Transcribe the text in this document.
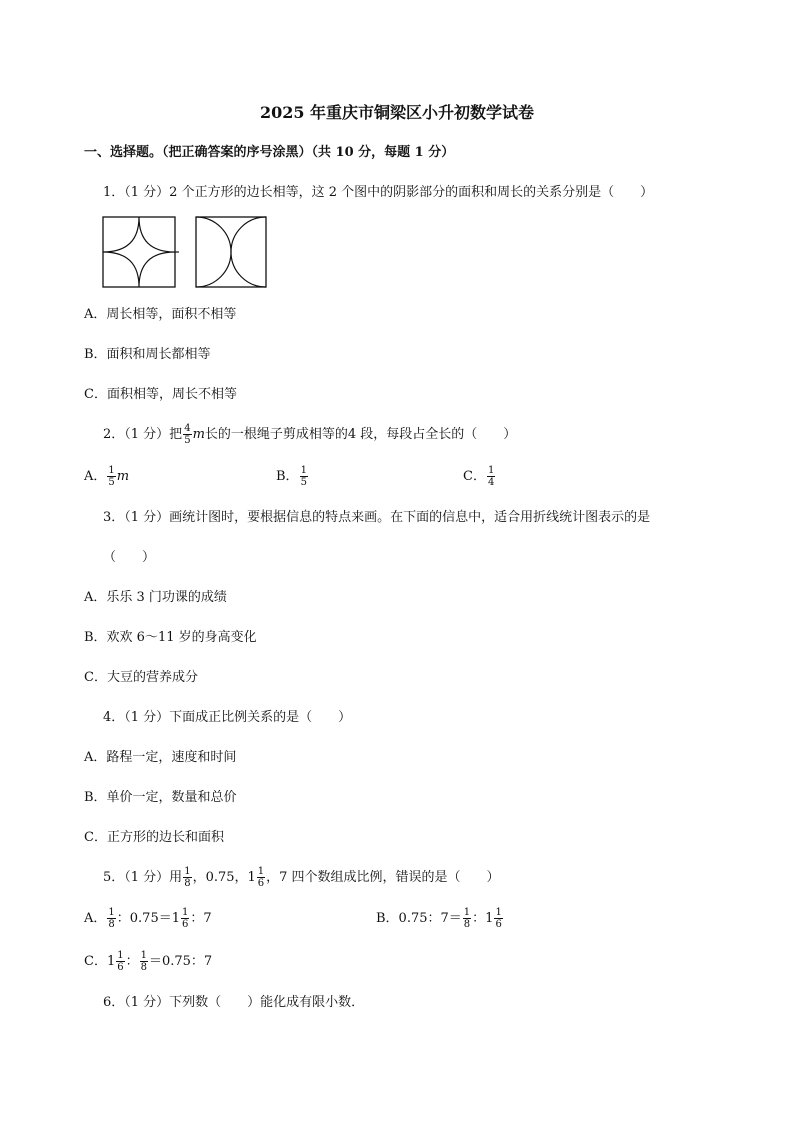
2025 年重庆市铜梁区小升初数学试卷
一、选择题。（把正确答案的序号涂黑）（共 10 分，每题 1 分）
1．（1 分）2 个正方形的边长相等，这 2 个图中的阴影部分的面积和周长的关系分别是（　　）
A．周长相等，面积不相等
B．面积和周长都相等
C．面积相等，周长不相等
2．（1 分）把 $\frac{4}{5}$ m长的一根绳子剪成相等的4 段，每段占全长的（　　）
A． $\frac{1}{5}$ m	B． $\frac{1}{5}$	C． $\frac{1}{4}$
3．（1 分）画统计图时，要根据信息的特点来画。在下面的信息中，适合用折线统计图表示的是
（　　）
A．乐乐 3 门功课的成绩
B．欢欢 6～11 岁的身高变化
C．大豆的营养成分
4．（1 分）下面成正比例关系的是（　　）
A．路程一定，速度和时间
B．单价一定，数量和总价
C．正方形的边长和面积
5．（1 分）用 $\frac{1}{8}$ ，0.75，$1 \frac{1}{6}$ ，7 四个数组成比例，错误的是（　　）
A． $\frac{1}{8}$ ：$0.75=1 \frac{1}{6}$ ：7	B．0.75：$7= \frac{1}{8}$ ：$1 \frac{1}{6}$
C．$1 \frac{1}{6}$ ： $\frac{1}{8} =0.75$：7
6．（1 分）下列数（　　）能化成有限小数．
